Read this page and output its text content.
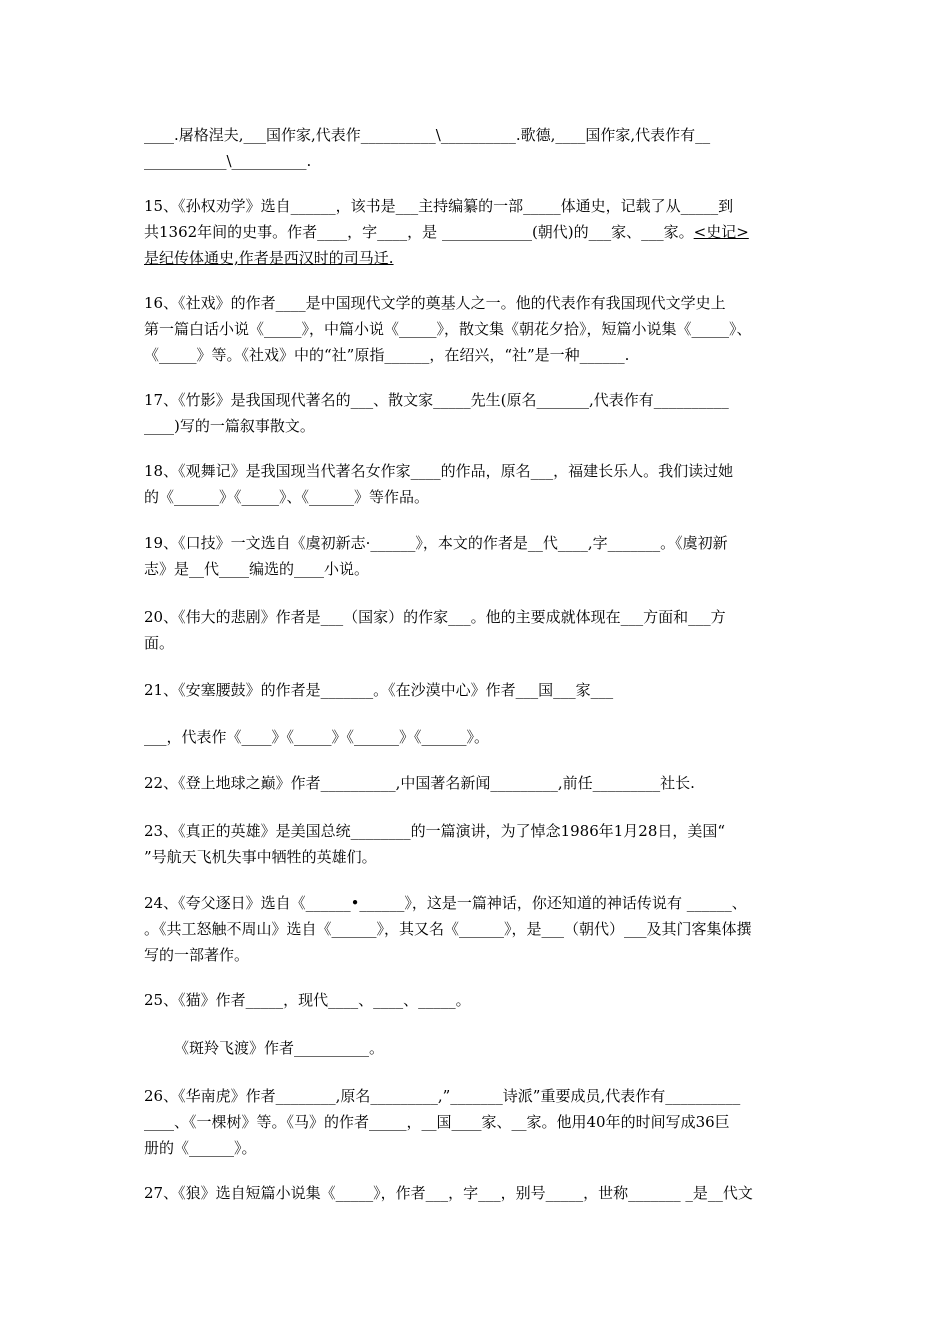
____.屠格涅夫,___国作家,代表作__________\__________.歌德,____国作家,代表作有__
___________\__________.

15、《孙权劝学》选自______，该书是___主持编纂的一部_____体通史，记载了从_____到
共1362年间的史事。作者____，字____，是 ____________(朝代)的___家、___家。<史记>
是纪传体通史,作者是西汉时的司马迁.

16、《社戏》的作者____是中国现代文学的奠基人之一。他的代表作有我国现代文学史上
第一篇白话小说《_____》，中篇小说《_____》，散文集《朝花夕拾》，短篇小说集《_____》、
《_____》等。《社戏》中的“社”原指______，在绍兴，“社”是一种______.

17、《竹影》是我国现代著名的___、散文家_____先生(原名_______,代表作有__________
____)写的一篇叙事散文。

18、《观舞记》是我国现当代著名女作家____的作品，原名___，福建长乐人。我们读过她
的《______》《_____》、《______》等作品。

19、《口技》一文选自《虞初新志·______》，本文的作者是__代____,字_______。《虞初新
志》是__代____编选的____小说。

20、《伟大的悲剧》作者是___（国家）的作家___。他的主要成就体现在___方面和___方
面。

21、《安塞腰鼓》的作者是_______。《在沙漠中心》作者___国___家___

___，代表作《____》《_____》《______》《______》。

22、《登上地球之巅》作者__________,中国著名新闻_________,前任_________社长.

23、《真正的英雄》是美国总统________的一篇演讲，为了悼念1986年1月28日，美国“
”号航天飞机失事中牺牲的英雄们。

24、《夸父逐日》选自《______•______》，这是一篇神话，你还知道的神话传说有 ______、
。《共工怒触不周山》选自《______》，其又名《______》，是___（朝代）___及其门客集体撰
写的一部著作。

25、《猫》作者_____，现代____、____、_____。

《斑羚飞渡》作者__________。

26、《华南虎》作者________,原名_________,”_______诗派”重要成员,代表作有__________
____、《一棵树》等。《马》的作者_____，__国____家、__家。他用40年的时间写成36巨
册的《______》。

27、《狼》选自短篇小说集《_____》，作者___，字___，别号_____，世称_______ _是__代文
